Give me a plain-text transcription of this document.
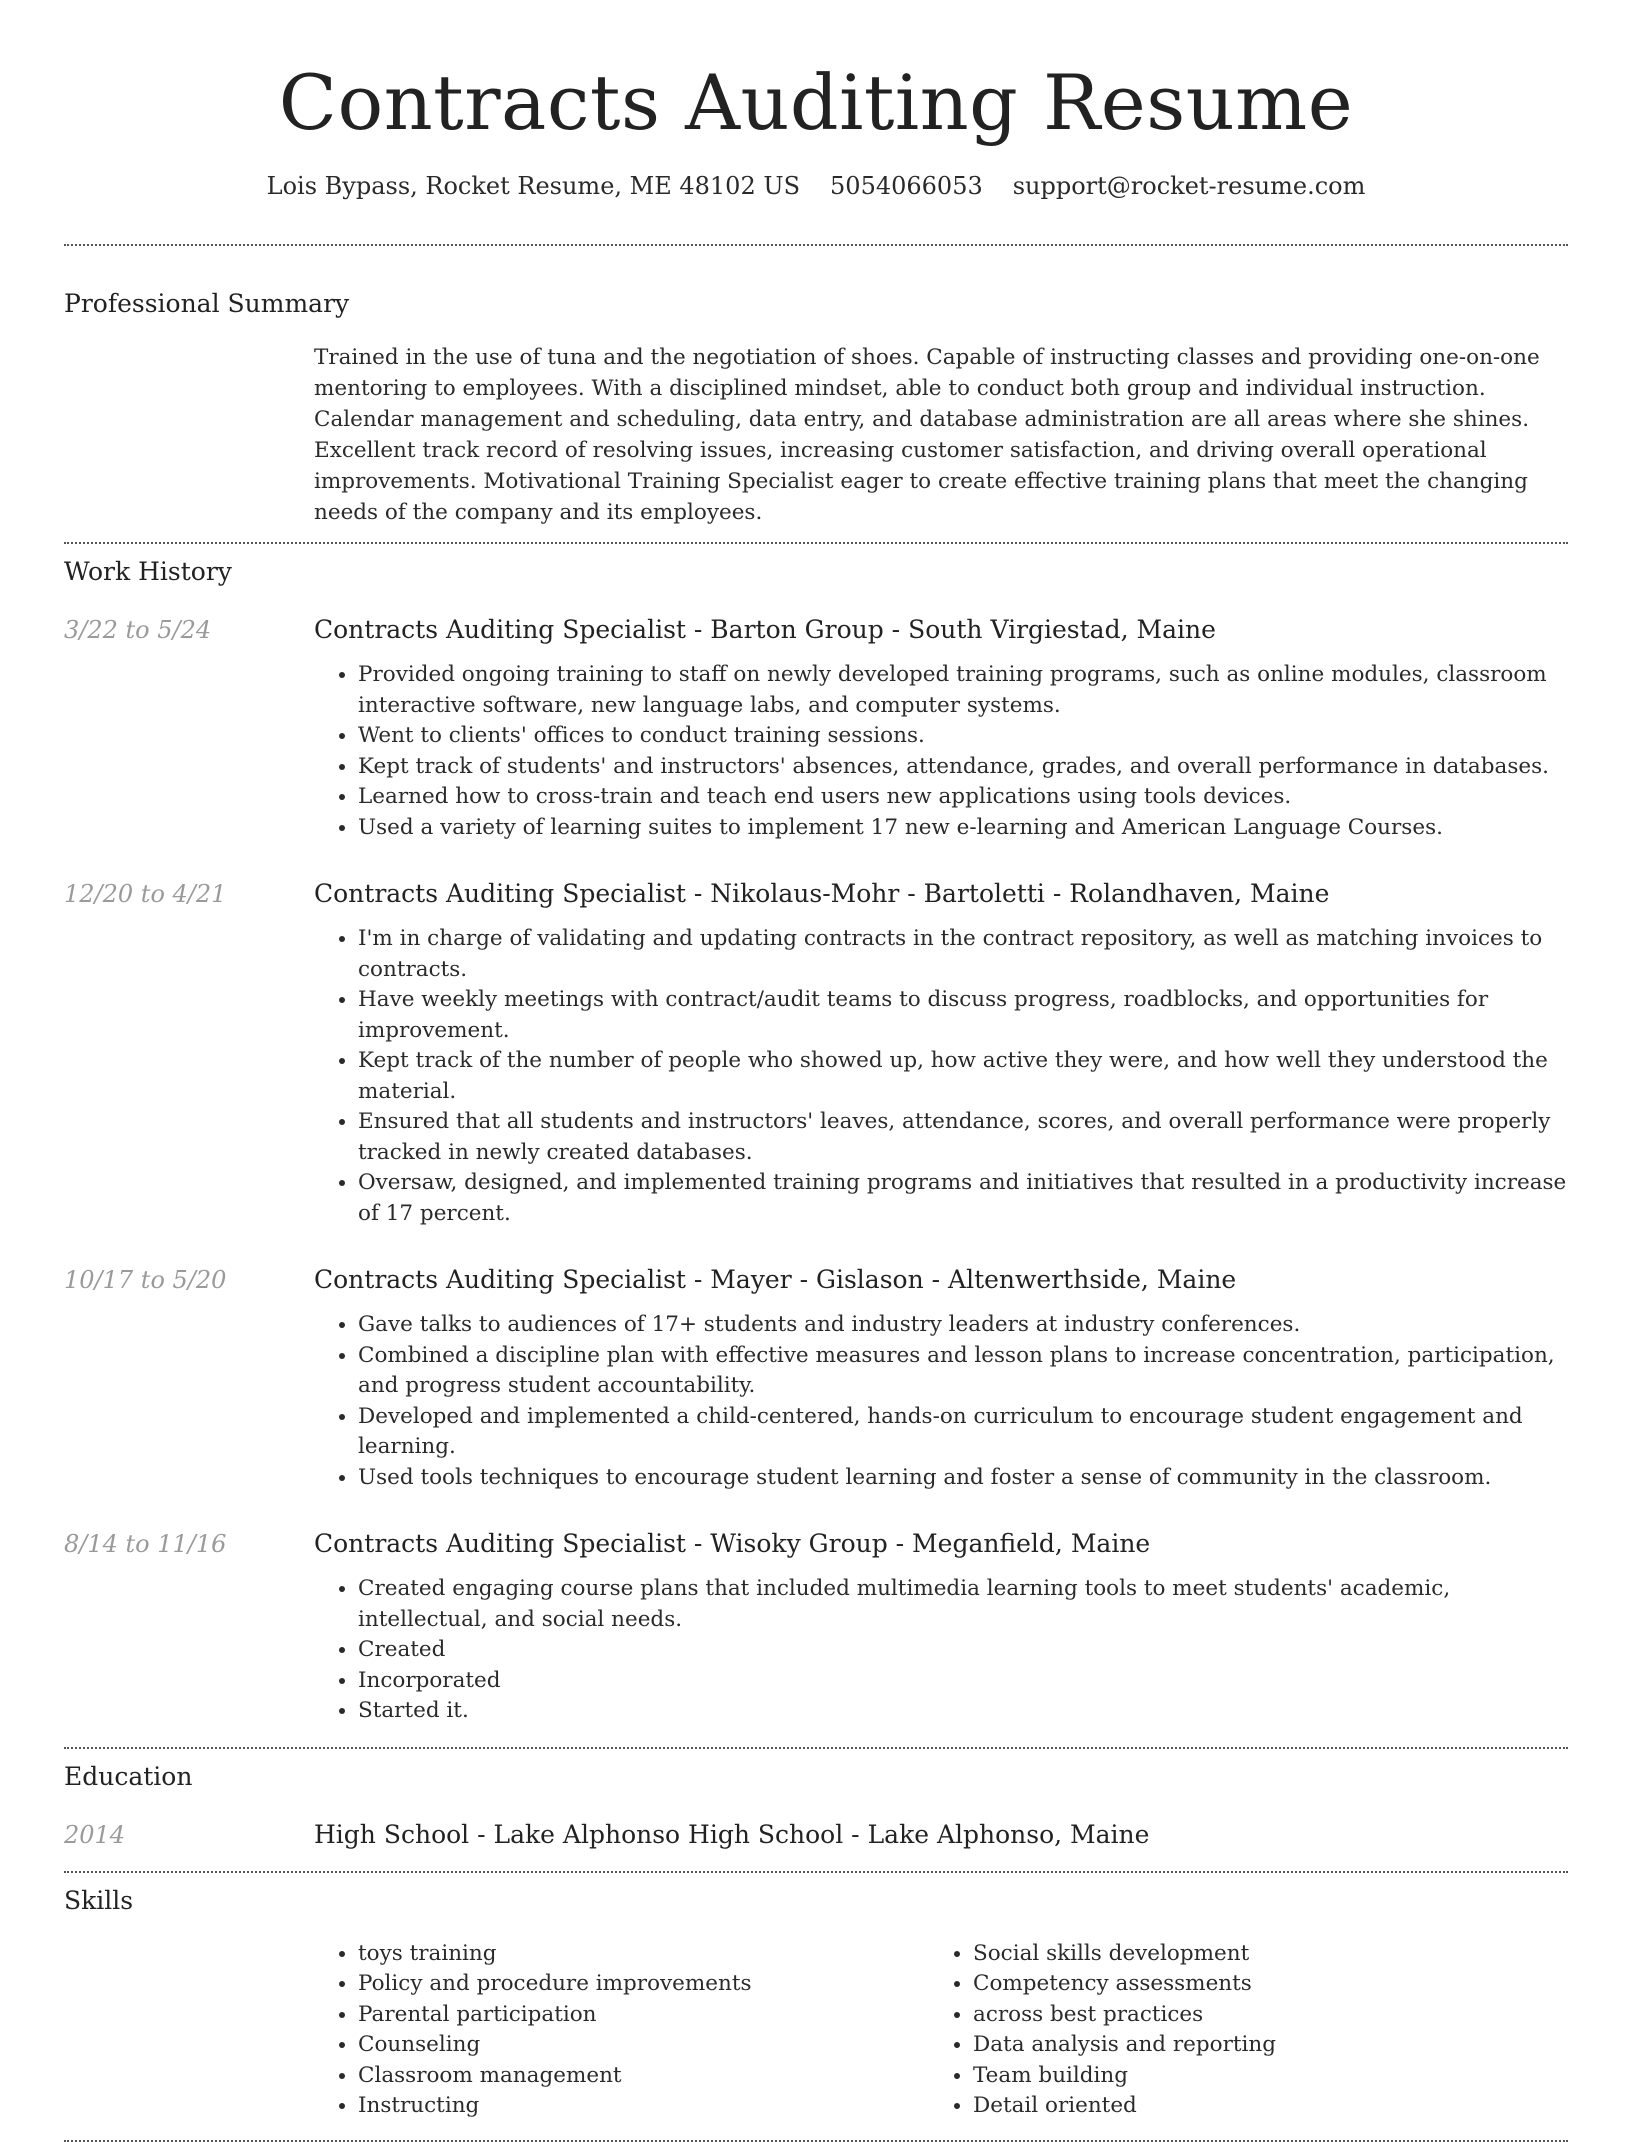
Contracts Auditing Resume
Lois Bypass, Rocket Resume, ME 48102 US 5054066053 support@rocket-resume.com
Professional Summary
Trained in the use of tuna and the negotiation of shoes. Capable of instructing classes and providing one-on-one mentoring to employees. With a disciplined mindset, able to conduct both group and individual instruction. Calendar management and scheduling, data entry, and database administration are all areas where she shines. Excellent track record of resolving issues, increasing customer satisfaction, and driving overall operational improvements. Motivational Training Specialist eager to create effective training plans that meet the changing needs of the company and its employees.
Work History
3/22 to 5/24	Contracts Auditing Specialist - Barton Group - South Virgiestad, Maine
• Provided ongoing training to staff on newly developed training programs, such as online modules, classroom interactive software, new language labs, and computer systems.
• Went to clients' offices to conduct training sessions.
• Kept track of students' and instructors' absences, attendance, grades, and overall performance in databases.
• Learned how to cross-train and teach end users new applications using tools devices.
• Used a variety of learning suites to implement 17 new e-learning and American Language Courses.
12/20 to 4/21	Contracts Auditing Specialist - Nikolaus-Mohr - Bartoletti - Rolandhaven, Maine
• I'm in charge of validating and updating contracts in the contract repository, as well as matching invoices to contracts.
• Have weekly meetings with contract/audit teams to discuss progress, roadblocks, and opportunities for improvement.
• Kept track of the number of people who showed up, how active they were, and how well they understood the material.
• Ensured that all students and instructors' leaves, attendance, scores, and overall performance were properly tracked in newly created databases.
• Oversaw, designed, and implemented training programs and initiatives that resulted in a productivity increase of 17 percent.
10/17 to 5/20	Contracts Auditing Specialist - Mayer - Gislason - Altenwerthside, Maine
• Gave talks to audiences of 17+ students and industry leaders at industry conferences.
• Combined a discipline plan with effective measures and lesson plans to increase concentration, participation, and progress student accountability.
• Developed and implemented a child-centered, hands-on curriculum to encourage student engagement and learning.
• Used tools techniques to encourage student learning and foster a sense of community in the classroom.
8/14 to 11/16	Contracts Auditing Specialist - Wisoky Group - Meganfield, Maine
• Created engaging course plans that included multimedia learning tools to meet students' academic, intellectual, and social needs.
• Created
• Incorporated
• Started it.
Education
2014	High School - Lake Alphonso High School - Lake Alphonso, Maine
Skills
• toys training
• Policy and procedure improvements
• Parental participation
• Counseling
• Classroom management
• Instructing
• Social skills development
• Competency assessments
• across best practices
• Data analysis and reporting
• Team building
• Detail oriented
